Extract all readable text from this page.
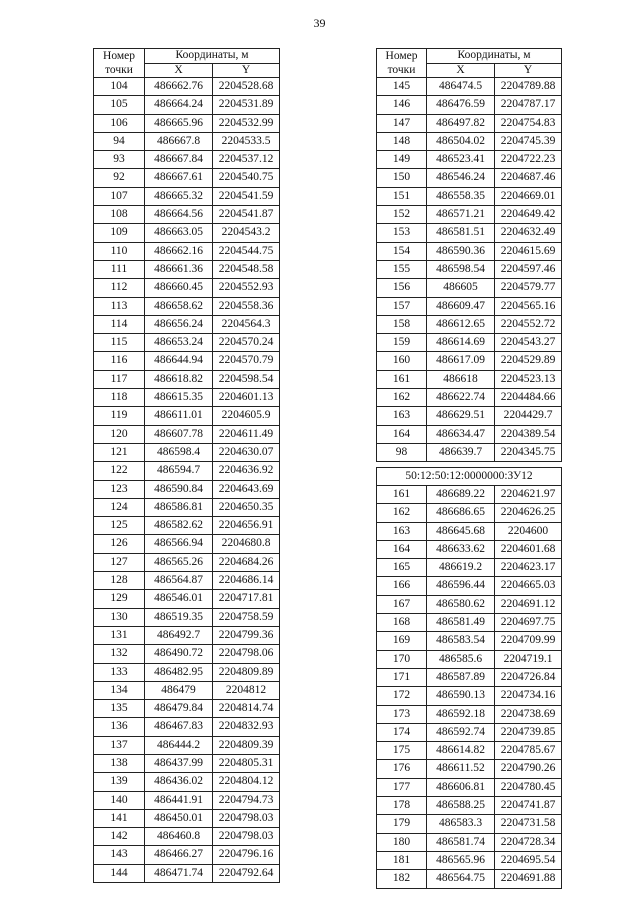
39
Номер
точки	Координаты, м	
	X	Y
104	486662.76	2204528.68
105	486664.24	2204531.89
106	486665.96	2204532.99
94	486667.8	2204533.5
93	486667.84	2204537.12
92	486667.61	2204540.75
107	486665.32	2204541.59
108	486664.56	2204541.87
109	486663.05	2204543.2
110	486662.16	2204544.75
111	486661.36	2204548.58
112	486660.45	2204552.93
113	486658.62	2204558.36
114	486656.24	2204564.3
115	486653.24	2204570.24
116	486644.94	2204570.79
117	486618.82	2204598.54
118	486615.35	2204601.13
119	486611.01	2204605.9
120	486607.78	2204611.49
121	486598.4	2204630.07
122	486594.7	2204636.92
123	486590.84	2204643.69
124	486586.81	2204650.35
125	486582.62	2204656.91
126	486566.94	2204680.8
127	486565.26	2204684.26
128	486564.87	2204686.14
129	486546.01	2204717.81
130	486519.35	2204758.59
131	486492.7	2204799.36
132	486490.72	2204798.06
133	486482.95	2204809.89
134	486479	2204812
135	486479.84	2204814.74
136	486467.83	2204832.93
137	486444.2	2204809.39
138	486437.99	2204805.31
139	486436.02	2204804.12
140	486441.91	2204794.73
141	486450.01	2204798.03
142	486460.8	2204798.03
143	486466.27	2204796.16
144	486471.74	2204792.64
Номер
точки	Координаты, м	
	X	Y
145	486474.5	2204789.88
146	486476.59	2204787.17
147	486497.82	2204754.83
148	486504.02	2204745.39
149	486523.41	2204722.23
150	486546.24	2204687.46
151	486558.35	2204669.01
152	486571.21	2204649.42
153	486581.51	2204632.49
154	486590.36	2204615.69
155	486598.54	2204597.46
156	486605	2204579.77
157	486609.47	2204565.16
158	486612.65	2204552.72
159	486614.69	2204543.27
160	486617.09	2204529.89
161	486618	2204523.13
162	486622.74	2204484.66
163	486629.51	2204429.7
164	486634.47	2204389.54
98	486639.7	2204345.75
50:12:50:12:0000000:ЗУ12		
161	486689.22	2204621.97
162	486686.65	2204626.25
163	486645.68	2204600
164	486633.62	2204601.68
165	486619.2	2204623.17
166	486596.44	2204665.03
167	486580.62	2204691.12
168	486581.49	2204697.75
169	486583.54	2204709.99
170	486585.6	2204719.1
171	486587.89	2204726.84
172	486590.13	2204734.16
173	486592.18	2204738.69
174	486592.74	2204739.85
175	486614.82	2204785.67
176	486611.52	2204790.26
177	486606.81	2204780.45
178	486588.25	2204741.87
179	486583.3	2204731.58
180	486581.74	2204728.34
181	486565.96	2204695.54
182	486564.75	2204691.88
